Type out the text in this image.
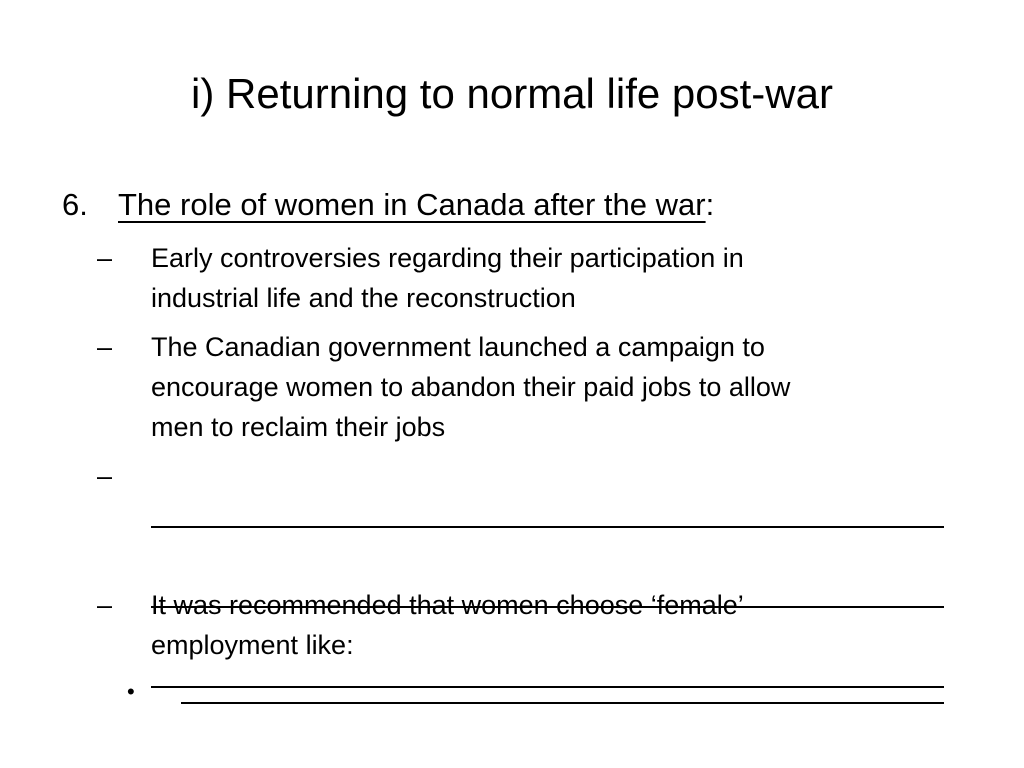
i) Returning to normal life post-war
6. The role of women in Canada after the war:
– Early controversies regarding their participation in
industrial life and the reconstruction
– The Canadian government launched a campaign to
encourage women to abandon their paid jobs to allow
men to reclaim their jobs
–

– It was recommended that women choose ‘female’
employment like:
•
